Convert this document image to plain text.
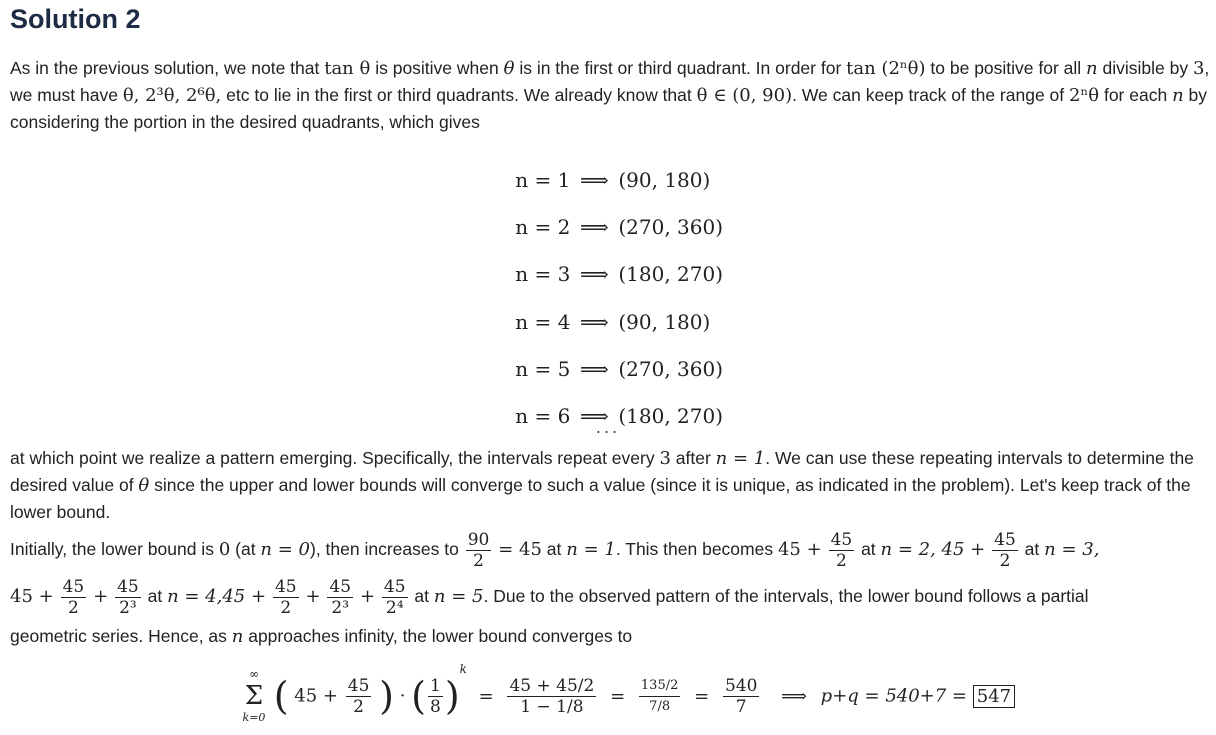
Solution 2
As in the previous solution, we note that tan θ is positive when θ is in the first or third quadrant. In order for tan (2ⁿθ) to be positive for all n divisible by 3, we must have θ, 2³θ, 2⁶θ, etc to lie in the first or third quadrants. We already know that θ ∈ (0, 90). We can keep track of the range of 2ⁿθ for each n by considering the portion in the desired quadrants, which gives

n = 1 ⟹ (90, 180)

n = 2 ⟹ (270, 360)

n = 3 ⟹ (180, 270)

n = 4 ⟹ (90, 180)

n = 5 ⟹ (270, 360)

n = 6 ⟹ (180, 270)

...
at which point we realize a pattern emerging. Specifically, the intervals repeat every 3 after n = 1. We can use these repeating intervals to determine the desired value of θ since the upper and lower bounds will converge to such a value (since it is unique, as indicated in the problem). Let's keep track of the lower bound.
Initially, the lower bound is 0 (at n = 0), then increases to $\frac{90}{2} = 45$ at n = 1. This then becomes $45 + \frac{45}{2}$ at n = 2, $45 + \frac{45}{2}$ at n = 3,
$45 + \frac{45}{2} + \frac{45}{\text{2³}}$ at $n = 4,45 + \frac{45}{2} + \frac{45}{\text{2³}} + \frac{45}{\text{2⁴}}$ at n = 5. Due to the observed pattern of the intervals, the lower bound follows a partial
geometric series. Hence, as n approaches infinity, the lower bound converges to
∞
Σ
k=0 ( $45 + \frac{45}{2}$ ) · ( $\frac{1}{8} )^k = \frac{45 + 45/2}{1 - 1/8} = \frac{135/2}{7/8} = \frac{540}{7}$ ⟹ p+q = 540+7 = 547
